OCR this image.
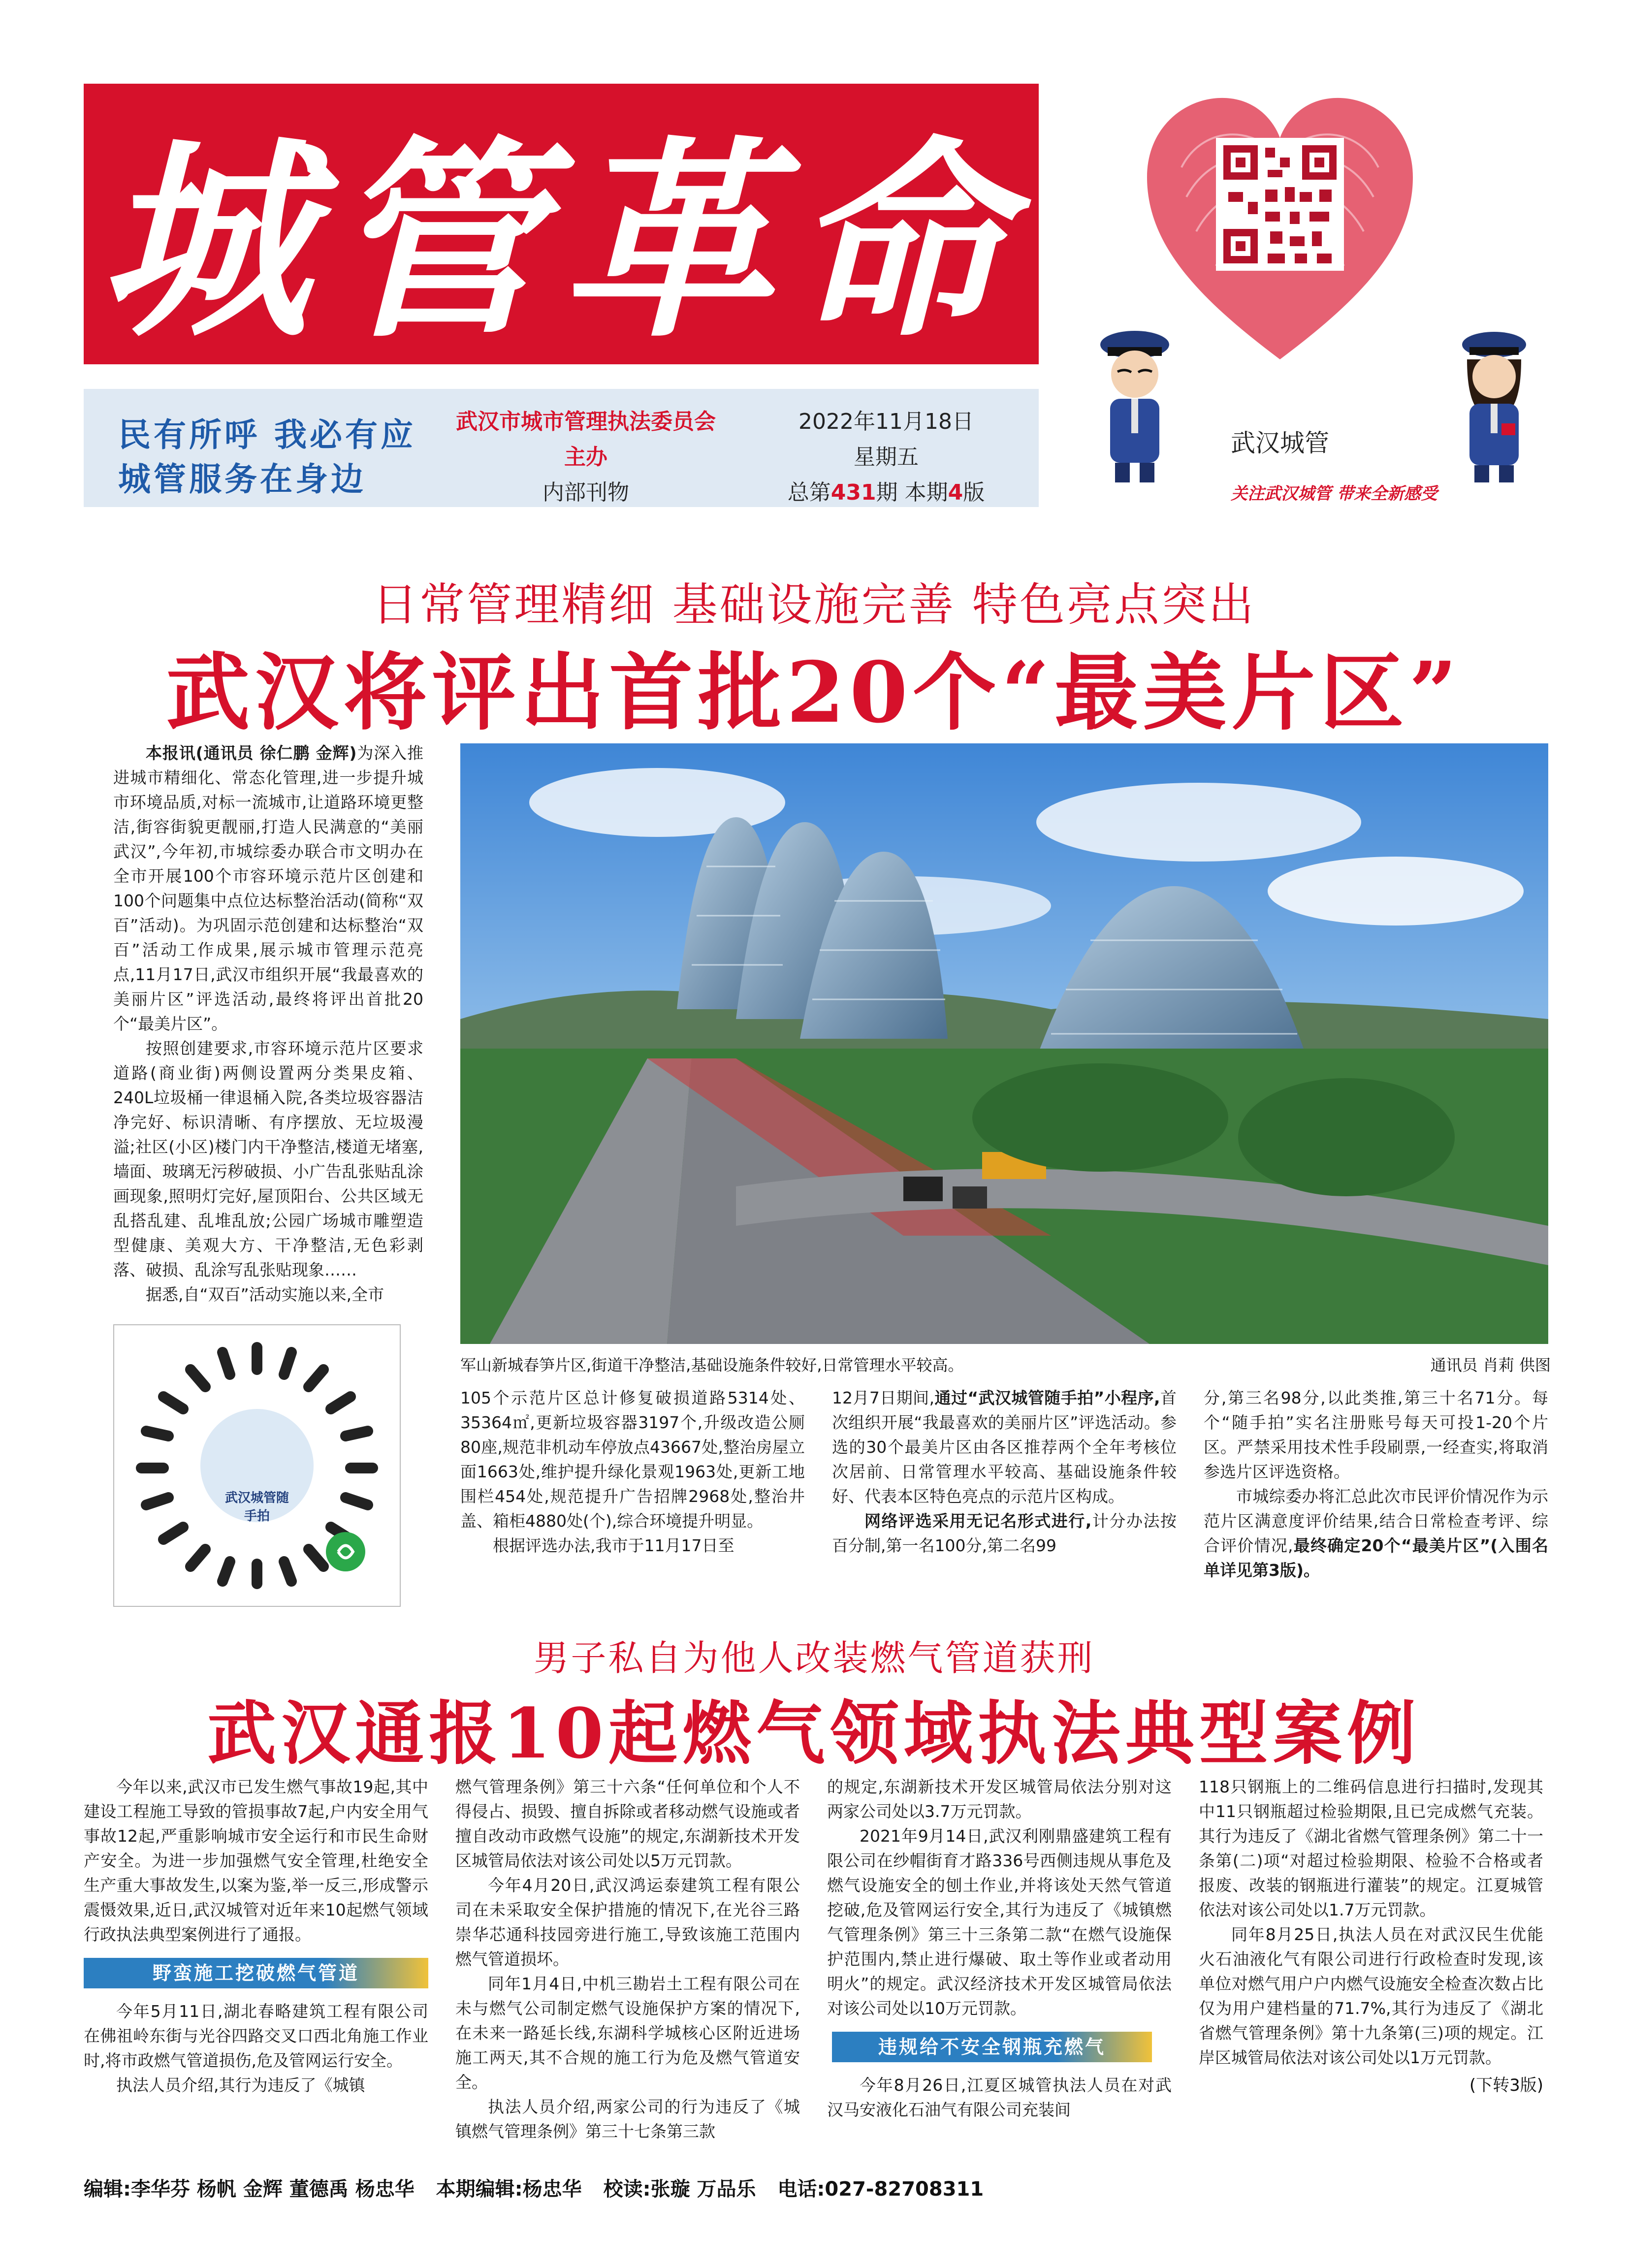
城管革命
民有所呼 我必有应
城管服务在身边
武汉市城市管理执法委员会
主办
内部刊物
2022年11月18日
星期五
总第431期 本期4版
武汉城管
关注武汉城管 带来全新感受
日常管理精细 基础设施完善 特色亮点突出
武汉将评出首批20个“最美片区”

本报讯(通讯员 徐仁鹏 金辉)为深入推进城市精细化、常态化管理,进一步提升城市环境品质,对标一流城市,让道路环境更整洁,街容街貌更靓丽,打造人民满意的“美丽武汉”,今年初,市城综委办联合市文明办在全市开展100个市容环境示范片区创建和100个问题集中点位达标整治活动(简称“双百”活动)。为巩固示范创建和达标整治“双百”活动工作成果,展示城市管理示范亮点,11月17日,武汉市组织开展“我最喜欢的美丽片区”评选活动,最终将评出首批20个“最美片区”。

按照创建要求,市容环境示范片区要求道路(商业街)两侧设置两分类果皮箱、240L垃圾桶一律退桶入院,各类垃圾容器洁净完好、标识清晰、有序摆放、无垃圾漫溢;社区(小区)楼门内干净整洁,楼道无堵塞,墙面、玻璃无污秽破损、小广告乱张贴乱涂画现象,照明灯完好,屋顶阳台、公共区域无乱搭乱建、乱堆乱放;公园广场城市雕塑造型健康、美观大方、干净整洁,无色彩剥落、破损、乱涂写乱张贴现象……

据悉,自“双百”活动实施以来,全市

武汉城管随手拍
军山新城春笋片区,街道干净整洁,基础设施条件较好,日常管理水平较高。	通讯员 肖莉 供图

105个示范片区总计修复破损道路5314处、35364㎡,更新垃圾容器3197个,升级改造公厕80座,规范非机动车停放点43667处,整治房屋立面1663处,维护提升绿化景观1963处,更新工地围栏454处,规范提升广告招牌2968处,整治井盖、箱柜4880处(个),综合环境提升明显。

根据评选办法,我市于11月17日至

12月7日期间,通过“武汉城管随手拍”小程序,首次组织开展“我最喜欢的美丽片区”评选活动。参选的30个最美片区由各区推荐两个全年考核位次居前、日常管理水平较高、基础设施条件较好、代表本区特色亮点的示范片区构成。

网络评选采用无记名形式进行,计分办法按百分制,第一名100分,第二名99

分,第三名98分,以此类推,第三十名71分。每个“随手拍”实名注册账号每天可投1-20个片区。严禁采用技术性手段刷票,一经查实,将取消参选片区评选资格。

市城综委办将汇总此次市民评价情况作为示范片区满意度评价结果,结合日常检查考评、综合评价情况,最终确定20个“最美片区”(入围名单详见第3版)。

男子私自为他人改装燃气管道获刑
武汉通报10起燃气领域执法典型案例

今年以来,武汉市已发生燃气事故19起,其中建设工程施工导致的管损事故7起,户内安全用气事故12起,严重影响城市安全运行和市民生命财产安全。为进一步加强燃气安全管理,杜绝安全生产重大事故发生,以案为鉴,举一反三,形成警示震慑效果,近日,武汉城管对近年来10起燃气领域行政执法典型案例进行了通报。

野蛮施工挖破燃气管道

今年5月11日,湖北春略建筑工程有限公司在佛祖岭东街与光谷四路交叉口西北角施工作业时,将市政燃气管道损伤,危及管网运行安全。

执法人员介绍,其行为违反了《城镇

燃气管理条例》第三十六条“任何单位和个人不得侵占、损毁、擅自拆除或者移动燃气设施或者擅自改动市政燃气设施”的规定,东湖新技术开发区城管局依法对该公司处以5万元罚款。

今年4月20日,武汉鸿运泰建筑工程有限公司在未采取安全保护措施的情况下,在光谷三路崇华芯通科技园旁进行施工,导致该施工范围内燃气管道损坏。

同年1月4日,中机三勘岩土工程有限公司在未与燃气公司制定燃气设施保护方案的情况下,在未来一路延长线,东湖科学城核心区附近进场施工两天,其不合规的施工行为危及燃气管道安全。

执法人员介绍,两家公司的行为违反了《城镇燃气管理条例》第三十七条第三款

的规定,东湖新技术开发区城管局依法分别对这两家公司处以3.7万元罚款。

2021年9月14日,武汉利刚鼎盛建筑工程有限公司在纱帽街育才路336号西侧违规从事危及燃气设施安全的刨土作业,并将该处天然气管道挖破,危及管网运行安全,其行为违反了《城镇燃气管理条例》第三十三条第二款“在燃气设施保护范围内,禁止进行爆破、取土等作业或者动用明火”的规定。武汉经济技术开发区城管局依法对该公司处以10万元罚款。

违规给不安全钢瓶充燃气

今年8月26日,江夏区城管执法人员在对武汉马安液化石油气有限公司充装间

118只钢瓶上的二维码信息进行扫描时,发现其中11只钢瓶超过检验期限,且已完成燃气充装。其行为违反了《湖北省燃气管理条例》第二十一条第(二)项“对超过检验期限、检验不合格或者报废、改装的钢瓶进行灌装”的规定。江夏城管依法对该公司处以1.7万元罚款。

同年8月25日,执法人员在对武汉民生优能火石油液化气有限公司进行行政检查时发现,该单位对燃气用户户内燃气设施安全检查次数占比仅为用户建档量的71.7%,其行为违反了《湖北省燃气管理条例》第十九条第(三)项的规定。江岸区城管局依法对该公司处以1万元罚款。

(下转3版)
编辑:李华芬 杨帆 金辉 董德禹 杨忠华 本期编辑:杨忠华 校读:张璇 万品乐 电话:027-82708311
